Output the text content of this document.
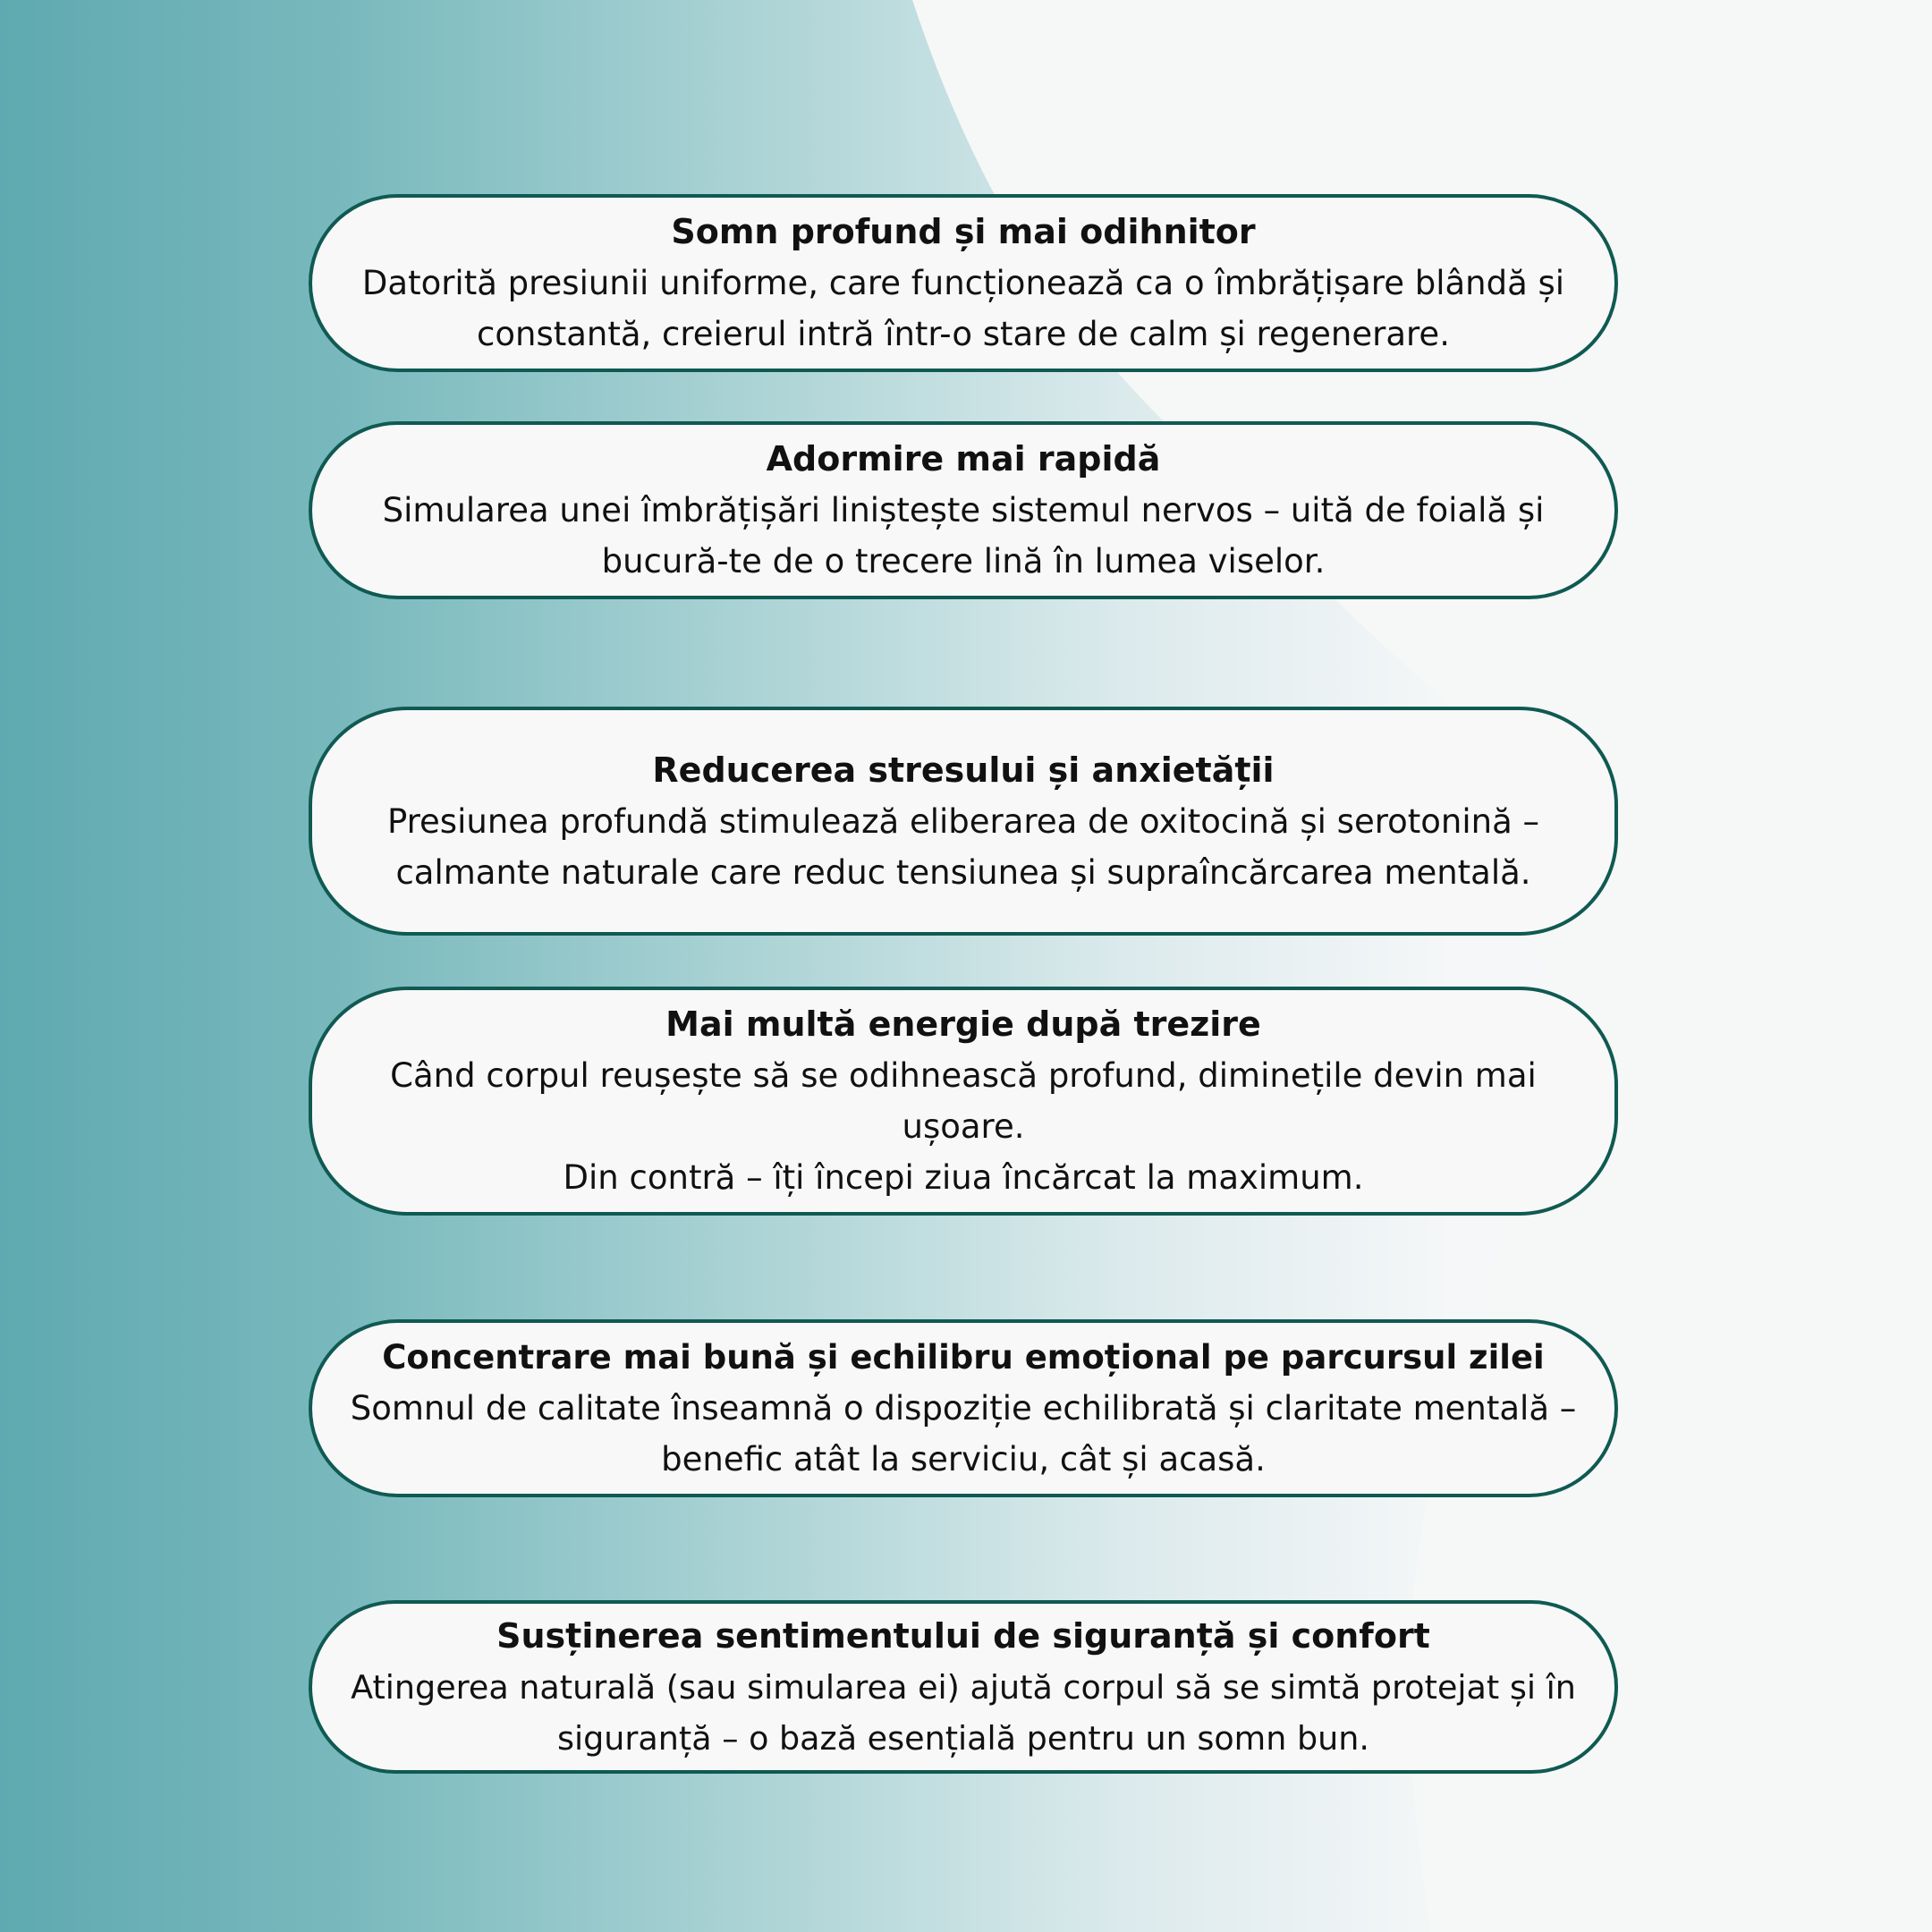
Somn profund și mai odihnitor

Datorită presiunii uniforme, care funcționează ca o îmbrățișare blândă și constantă, creierul intră într-o stare de calm și regenerare.

Adormire mai rapidă

Simularea unei îmbrățișări liniștește sistemul nervos – uită de foială și bucură-te de o trecere lină în lumea viselor.

Reducerea stresului și anxietății

Presiunea profundă stimulează eliberarea de oxitocină și serotonină – calmante naturale care reduc tensiunea și supraîncărcarea mentală.

Mai multă energie după trezire

Când corpul reușește să se odihnească profund, diminețile devin mai ușoare.

Din contră – îți începi ziua încărcat la maximum.

Concentrare mai bună și echilibru emoțional pe parcursul zilei

Somnul de calitate înseamnă o dispoziție echilibrată și claritate mentală – benefic atât la serviciu, cât și acasă.

Susținerea sentimentului de siguranță și confort

Atingerea naturală (sau simularea ei) ajută corpul să se simtă protejat și în siguranță – o bază esențială pentru un somn bun.
